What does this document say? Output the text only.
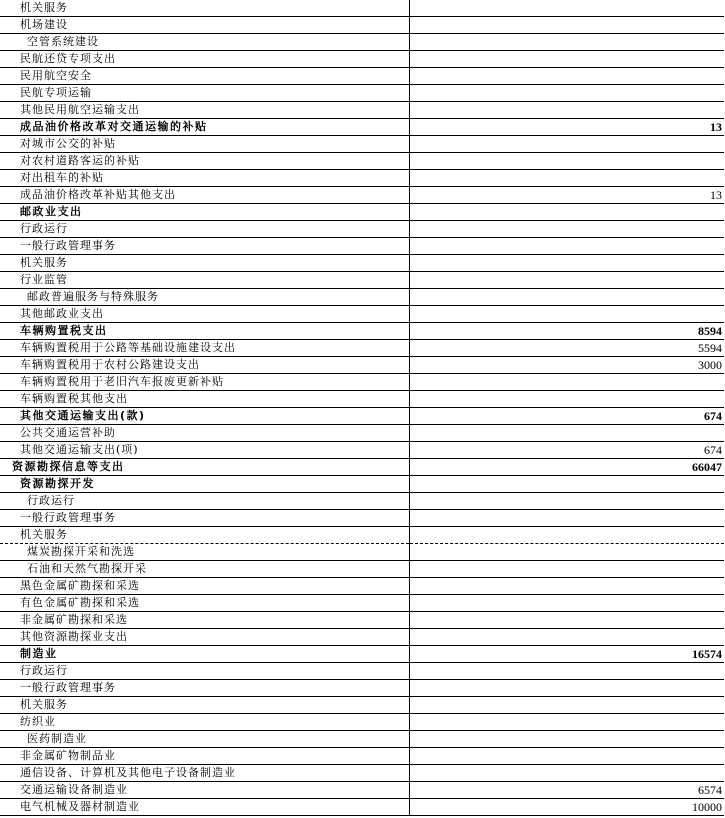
机关服务	
机场建设	
空管系统建设	
民航还贷专项支出	
民用航空安全	
民航专项运输	
其他民用航空运输支出	
成品油价格改革对交通运输的补贴	13
对城市公交的补贴	
对农村道路客运的补贴	
对出租车的补贴	
成品油价格改革补贴其他支出	13
邮政业支出	
行政运行	
一般行政管理事务	
机关服务	
行业监管	
邮政普遍服务与特殊服务	
其他邮政业支出	
车辆购置税支出	8594
车辆购置税用于公路等基础设施建设支出	5594
车辆购置税用于农村公路建设支出	3000
车辆购置税用于老旧汽车报废更新补贴	
车辆购置税其他支出	
其他交通运输支出(款)	674
公共交通运营补助	
其他交通运输支出(项)	674
资源勘探信息等支出	66047
资源勘探开发	
行政运行	
一般行政管理事务	
机关服务	
煤炭勘探开采和洗选	
石油和天然气勘探开采	
黑色金属矿勘探和采选	
有色金属矿勘探和采选	
非金属矿勘探和采选	
其他资源勘探业支出	
制造业	16574
行政运行	
一般行政管理事务	
机关服务	
纺织业	
医药制造业	
非金属矿物制品业	
通信设备、计算机及其他电子设备制造业	
交通运输设备制造业	6574
电气机械及器材制造业	10000
